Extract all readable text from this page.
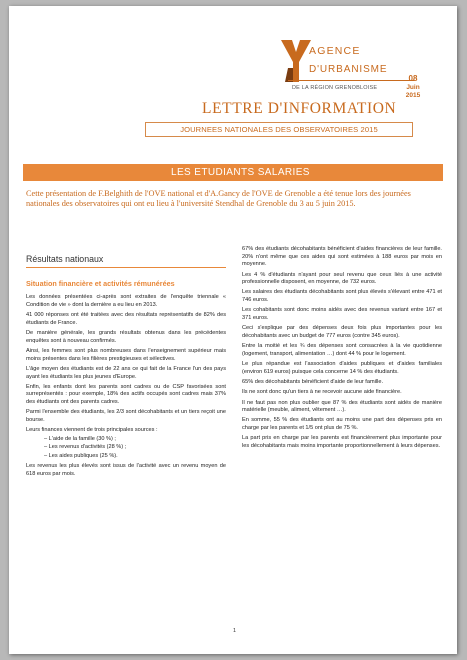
AGENCE
D'URBANISME
DE LA RÉGION GRENOBLOISE
08
Juin
2015
LETTRE D'INFORMATION
JOURNEES NATIONALES DES OBSERVATOIRES 2015
LES ETUDIANTS SALARIES
Cette présentation de F.Belghith de l'OVE national et d'A.Gancy de l'OVE de Grenoble a été tenue lors des journées nationales des observatoires qui ont eu lieu à l'université Stendhal de Grenoble du 3 au 5 juin 2015.
Résultats nationaux
Situation financière et activités rémunérées

Les données présentées ci-après sont extraites de l'enquête triennale « Condition de vie » dont la dernière a eu lieu en 2013.

41 000 réponses ont été traitées avec des résultats représentatifs de 82% des étudiants de France.

De manière générale, les grands résultats obtenus dans les précédentes enquêtes sont à nouveau confirmés.

Ainsi, les femmes sont plus nombreuses dans l'enseignement supérieur mais moins présentes dans les filières prestigieuses et sélectives.

L'âge moyen des étudiants est de 22 ans ce qui fait de la France l'un des pays ayant les étudiants les plus jeunes d'Europe.

Enfin, les enfants dont les parents sont cadres ou de CSP favorisées sont surreprésentés : pour exemple, 18% des actifs occupés sont cadres mais 37% des étudiants ont des parents cadres.

Parmi l'ensemble des étudiants, les 2/3 sont décohabitants et un tiers reçoit une bourse.

Leurs finances viennent de trois principales sources :

– L'aide de la famille (30 %) ;
– Les revenus d'activités (28 %) ;
– Les aides publiques (25 %).

Les revenus les plus élevés sont issus de l'activité avec un revenu moyen de 618 euros par mois.

67% des étudiants décohabitants bénéficient d'aides financières de leur famille. 20% n'ont même que ces aides qui sont estimées à 188 euros par mois en moyenne.

Les 4 % d'étudiants n'ayant pour seul revenu que ceux liés à une activité professionnelle disposent, en moyenne, de 732 euros.

Les salaires des étudiants décohabitants sont plus élevés s'élevant entre 471 et 746 euros.

Les cohabitants sont donc moins aidés avec des revenus variant entre 167 et 371 euros.

Ceci s'explique par des dépenses deux fois plus importantes pour les décohabitants avec un budget de 777 euros (contre 345 euros).

Entre la moitié et les ¾ des dépenses sont consacrées à la vie quotidienne (logement, transport, alimentation …) dont 44 % pour le logement.

Le plus répandue est l'association d'aides publiques et d'aides familiales (environ 619 euros) puisque cela concerne 14 % des étudiants.

65% des décohabitants bénéficient d'aide de leur famille.

Ils ne sont donc qu'un tiers à ne recevoir aucune aide financière.

Il ne faut pas non plus oublier que 87 % des étudiants sont aidés de manière matérielle (meuble, aliment, vêtement …).

En somme, 55 % des étudiants ont au moins une part des dépenses pris en charge par les parents et 1/5 ont plus de 75 %.

La part pris en charge par les parents est financièrement plus importante pour les décohabitants mais moins importante proportionnellement à leurs dépenses.

1
